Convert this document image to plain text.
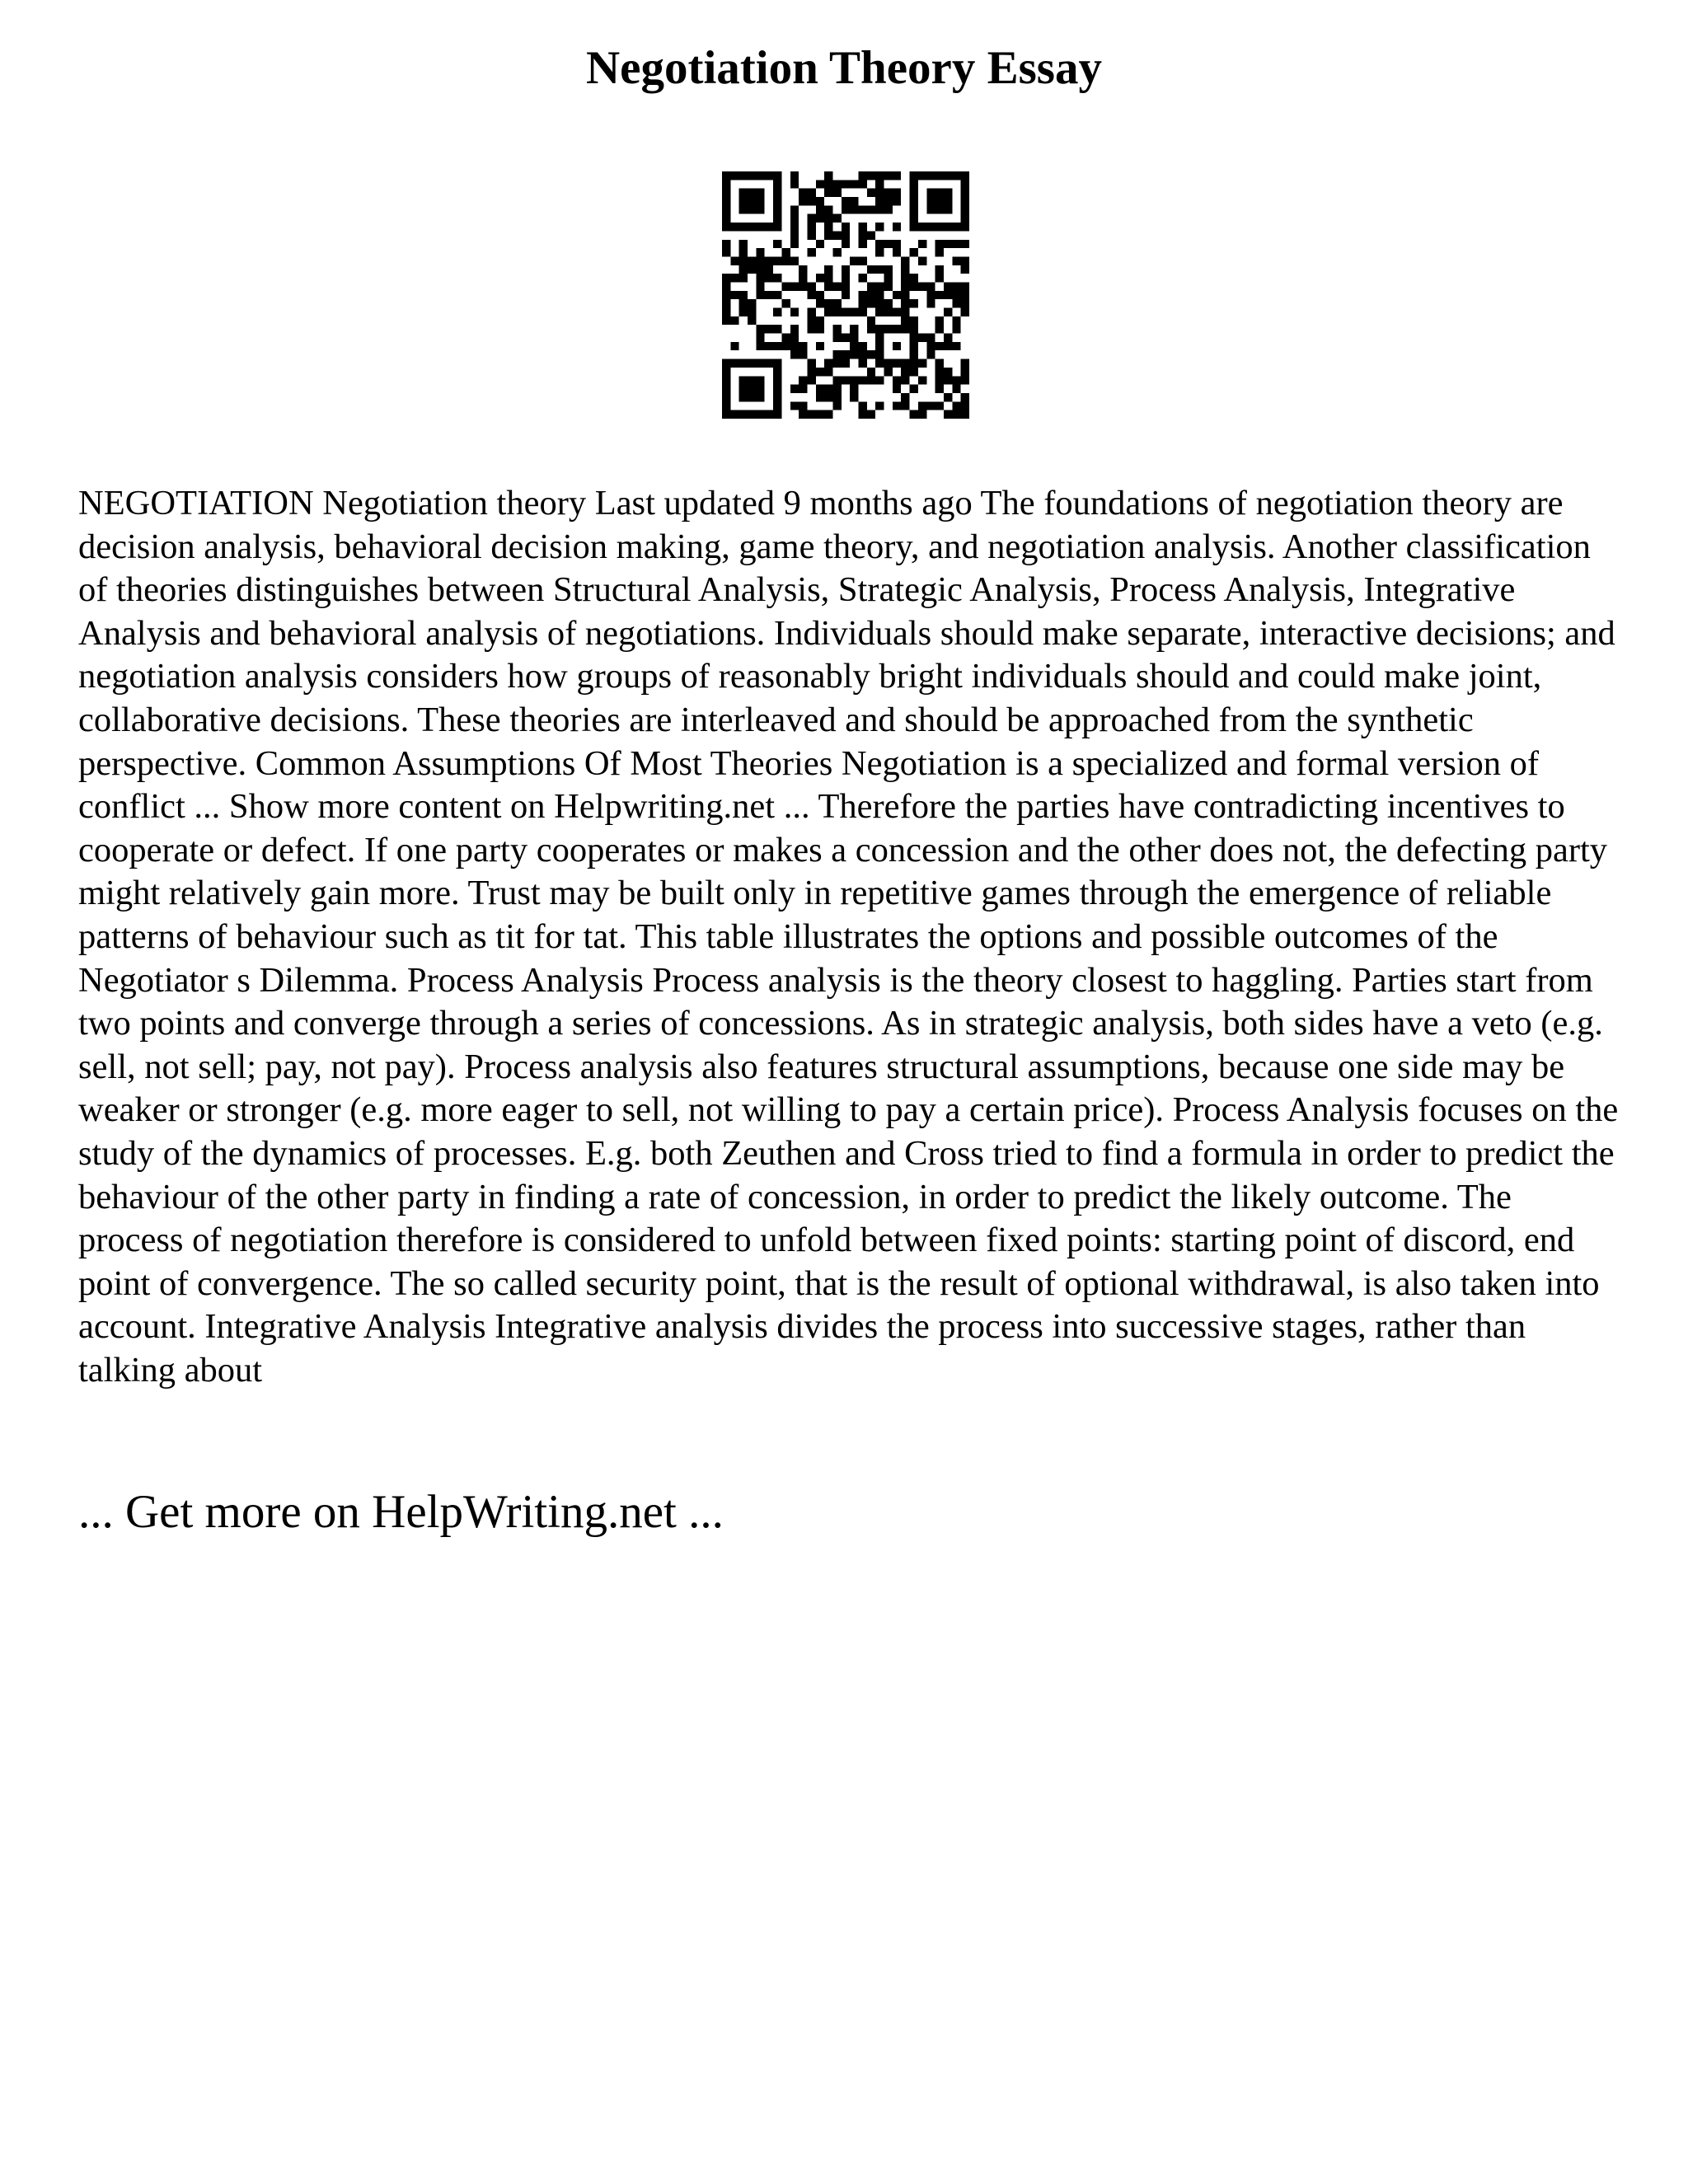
Negotiation Theory Essay

NEGOTIATION Negotiation theory Last updated 9 months ago The foundations of negotiation theory are decision analysis, behavioral decision making, game theory, and negotiation analysis. Another classification of theories distinguishes between Structural Analysis, Strategic Analysis, Process Analysis, Integrative Analysis and behavioral analysis of negotiations. Individuals should make separate, interactive decisions; and negotiation analysis considers how groups of reasonably bright individuals should and could make joint, collaborative decisions. These theories are interleaved and should be approached from the synthetic perspective. Common Assumptions Of Most Theories Negotiation is a specialized and formal version of conflict ... Show more content on Helpwriting.net ... Therefore the parties have contradicting incentives to cooperate or defect. If one party cooperates or makes a concession and the other does not, the defecting party might relatively gain more. Trust may be built only in repetitive games through the emergence of reliable patterns of behaviour such as tit for tat. This table illustrates the options and possible outcomes of the Negotiator s Dilemma. Process Analysis Process analysis is the theory closest to haggling. Parties start from two points and converge through a series of concessions. As in strategic analysis, both sides have a veto (e.g. sell, not sell; pay, not pay). Process analysis also features structural assumptions, because one side may be weaker or stronger (e.g. more eager to sell, not willing to pay a certain price). Process Analysis focuses on the study of the dynamics of processes. E.g. both Zeuthen and Cross tried to find a formula in order to predict the behaviour of the other party in finding a rate of concession, in order to predict the likely outcome. The process of negotiation therefore is considered to unfold between fixed points: starting point of discord, end point of convergence. The so called security point, that is the result of optional withdrawal, is also taken into account. Integrative Analysis Integrative analysis divides the process into successive stages, rather than talking about

... Get more on HelpWriting.net ...
